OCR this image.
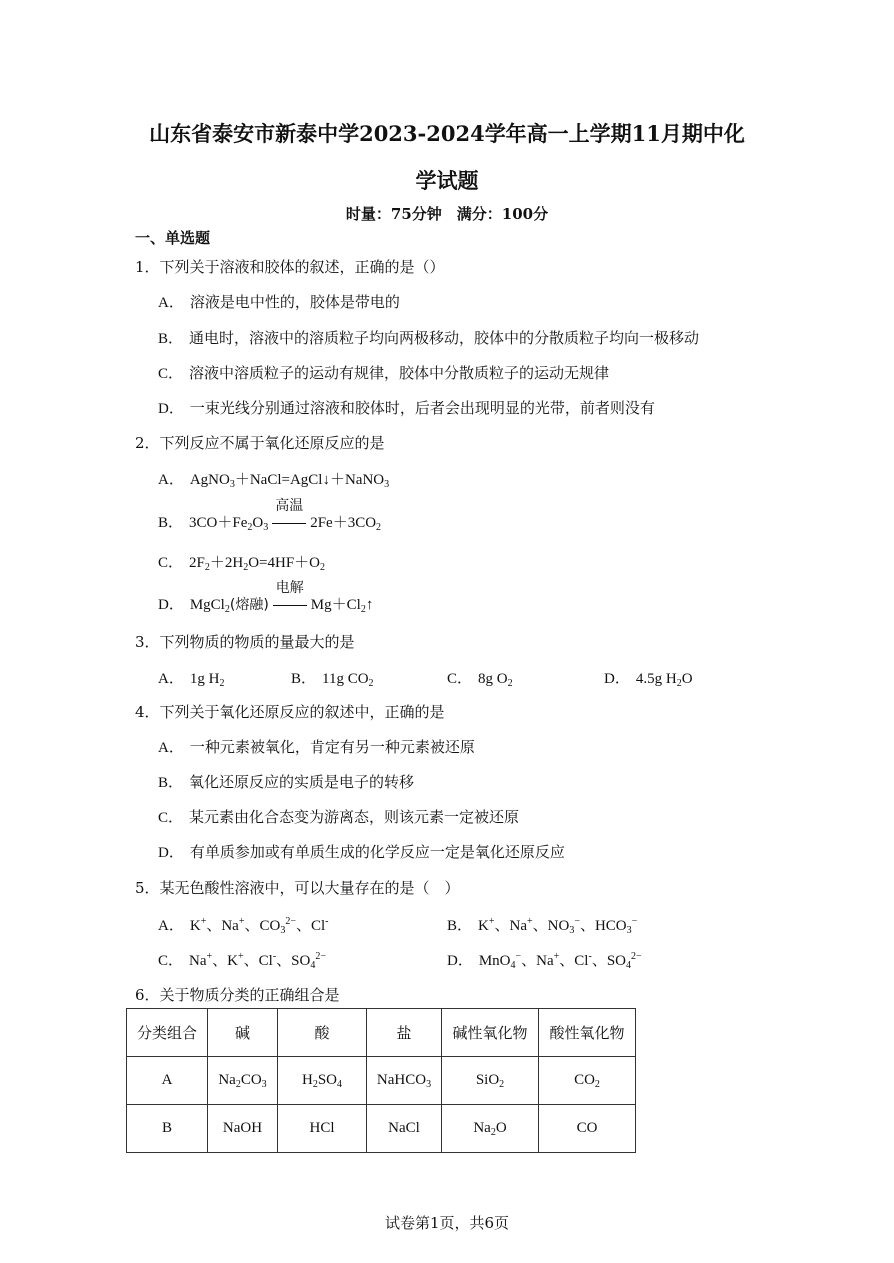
山东省泰安市新泰中学2023-2024学年高一上学期11月期中化
学试题
时量：75分钟　满分：100分
一、单选题
1．下列关于溶液和胶体的叙述，正确的是（）
A． 溶液是电中性的，胶体是带电的
B． 通电时，溶液中的溶质粒子均向两极移动，胶体中的分散质粒子均向一极移动
C． 溶液中溶质粒子的运动有规律，胶体中分散质粒子的运动无规律
D． 一束光线分别通过溶液和胶体时，后者会出现明显的光带，前者则没有
2．下列反应不属于氧化还原反应的是
A． AgNO$_3$＋NaCl=AgCl↓＋NaNO$_3$
B． $3CO+Fe_2O_3$
高温
$2Fe+3CO_2$
C． $2F_2+2H_2O=4HF+O_2$
D． MgCl$_2$(熔融)
电解
$Mg+Cl_2↑$
3．下列物质的物质的量最大的是
A． 1g $H_2$	B． 11g $CO_2$	C． 8g $O_2$	D． 4.5g $H_2O$
4．下列关于氧化还原反应的叙述中，正确的是
A． 一种元素被氧化，肯定有另一种元素被还原
B． 氧化还原反应的实质是电子的转移
C． 某元素由化合态变为游离态，则该元素一定被还原
D． 有单质参加或有单质生成的化学反应一定是氧化还原反应
5．某无色酸性溶液中，可以大量存在的是（　）
A． K+、Na+、$CO_3^{2-}$、Cl-	B． K+、Na+、$NO_3^-$、$HCO_3^-$
C． Na+、K+、Cl-、$SO_4^{2-}$	D． MnO$_4$−、Na+、Cl-、$SO_4^{2-}$
6．关于物质分类的正确组合是
分类组合	碱	酸	盐	碱性氧化物	酸性氧化物
A	$Na_2CO_3$	$H_2SO_4$	NaHCO$_3$	SiO$_2$	$CO_2$
B	NaOH	HCl	NaCl	$Na_2O$	CO
试卷第1页，共6页
